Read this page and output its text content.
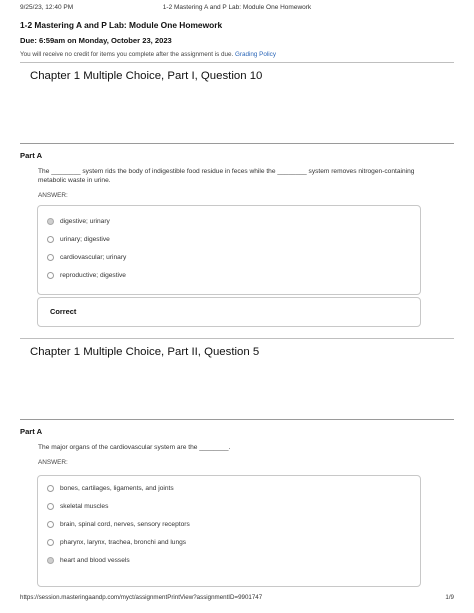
9/25/23, 12:40 PM	1-2 Mastering A and P Lab: Module One Homework
1-2 Mastering A and P Lab: Module One Homework
Due: 6:59am on Monday, October 23, 2023
You will receive no credit for items you complete after the assignment is due. Grading Policy
Chapter 1 Multiple Choice, Part I, Question 10
Part A
The ________ system rids the body of indigestible food residue in feces while the ________ system removes nitrogen-containing metabolic waste in urine.
ANSWER:
digestive; urinary
urinary; digestive
cardiovascular; urinary
reproductive; digestive
Correct
Chapter 1 Multiple Choice, Part II, Question 5
Part A
The major organs of the cardiovascular system are the ________.
ANSWER:
bones, cartilages, ligaments, and joints
skeletal muscles
brain, spinal cord, nerves, sensory receptors
pharynx, larynx, trachea, bronchi and lungs
heart and blood vessels
https://session.masteringaandp.com/myct/assignmentPrintView?assignmentID=9901747	1/9
